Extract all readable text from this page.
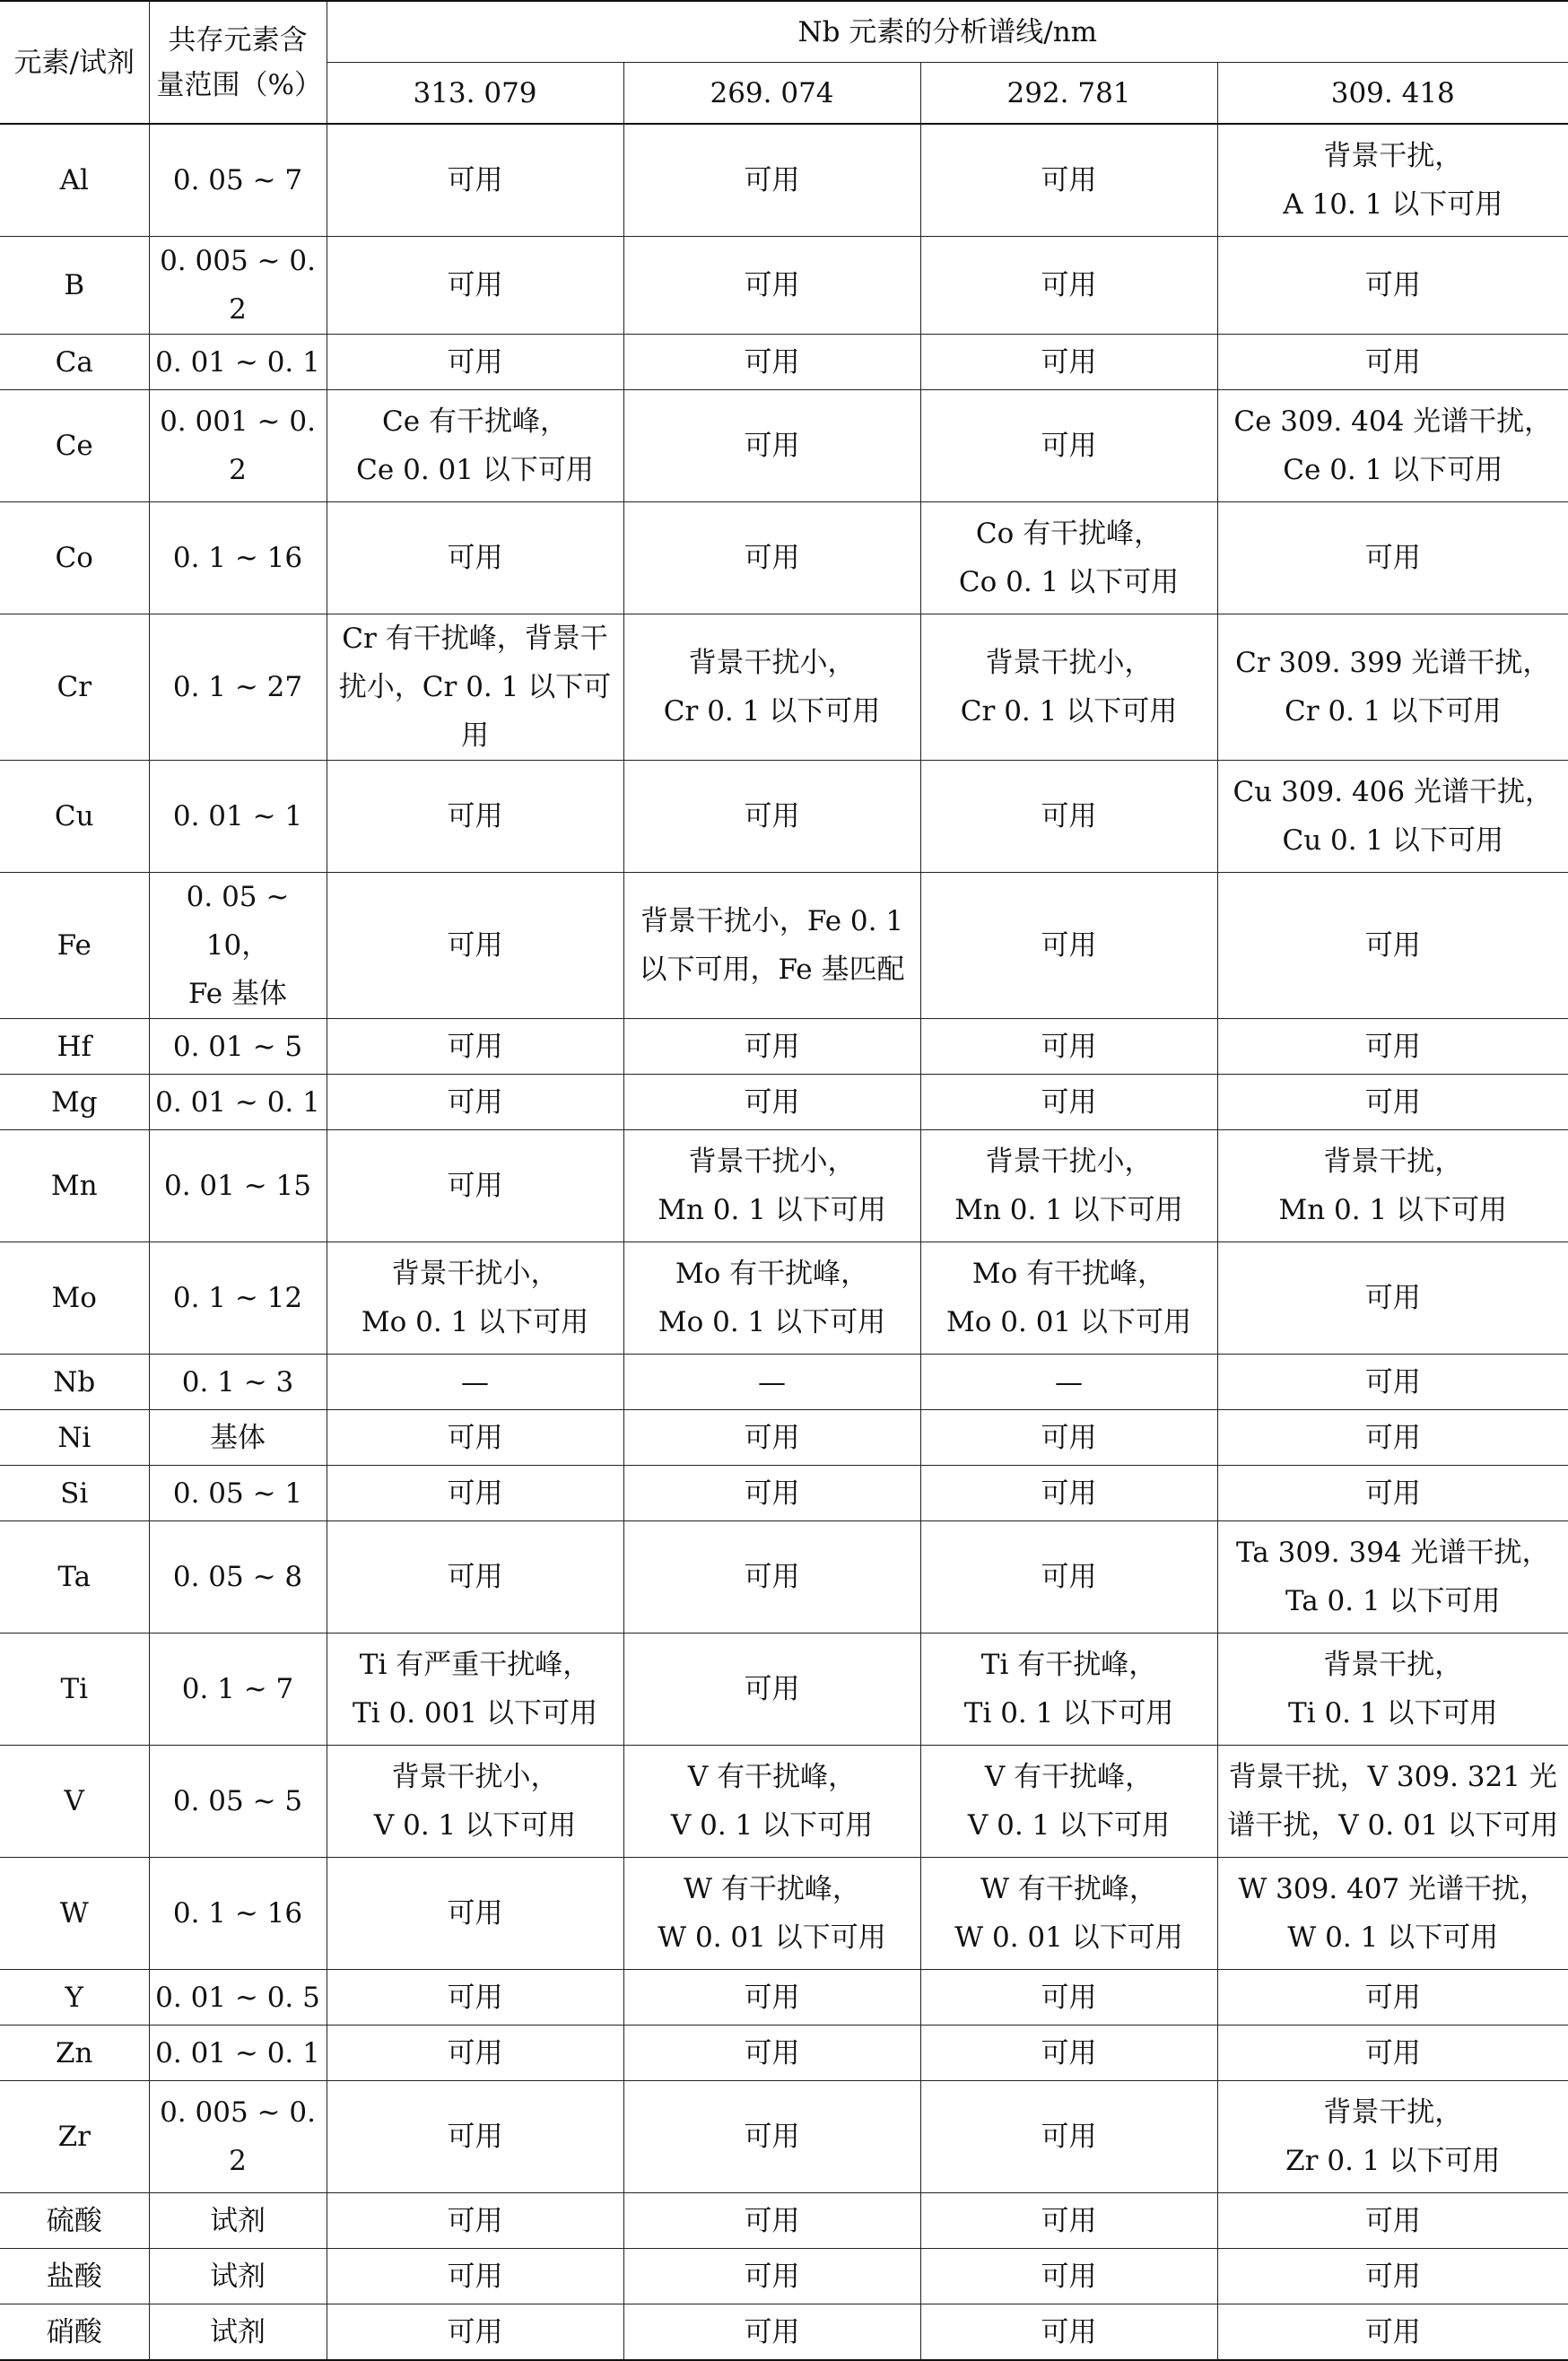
元素/试剂	共存元素含量范围（%）	Nb 元素的分析谱线/nm			
		313. 079	269. 074	292. 781	309. 418
Al	0. 05 ~ 7	可用	可用	可用	背景干扰，
A 10. 1 以下可用
B	0. 005 ~ 0. 2	可用	可用	可用	可用
Ca	0. 01 ~ 0. 1	可用	可用	可用	可用
Ce	0. 001 ~ 0. 2	Ce 有干扰峰，
Ce 0. 01 以下可用	可用	可用	Ce 309. 404 光谱干扰，
Ce 0. 1 以下可用
Co	0. 1 ~ 16	可用	可用	Co 有干扰峰，
Co 0. 1 以下可用	可用
Cr	0. 1 ~ 27	Cr 有干扰峰，背景干
扰小，Cr 0. 1 以下可用	背景干扰小，
Cr 0. 1 以下可用	背景干扰小，
Cr 0. 1 以下可用	Cr 309. 399 光谱干扰，
Cr 0. 1 以下可用
Cu	0. 01 ~ 1	可用	可用	可用	Cu 309. 406 光谱干扰，
Cu 0. 1 以下可用
Fe	0. 05 ~ 10，
Fe 基体	可用	背景干扰小，Fe 0. 1
以下可用，Fe 基匹配	可用	可用
Hf	0. 01 ~ 5	可用	可用	可用	可用
Mg	0. 01 ~ 0. 1	可用	可用	可用	可用
Mn	0. 01 ~ 15	可用	背景干扰小，
Mn 0. 1 以下可用	背景干扰小，
Mn 0. 1 以下可用	背景干扰，
Mn 0. 1 以下可用
Mo	0. 1 ~ 12	背景干扰小，
Mo 0. 1 以下可用	Mo 有干扰峰，
Mo 0. 1 以下可用	Mo 有干扰峰，
Mo 0. 01 以下可用	可用
Nb	0. 1 ~ 3	—	—	—	可用
Ni	基体	可用	可用	可用	可用
Si	0. 05 ~ 1	可用	可用	可用	可用
Ta	0. 05 ~ 8	可用	可用	可用	Ta 309. 394 光谱干扰，
Ta 0. 1 以下可用
Ti	0. 1 ~ 7	Ti 有严重干扰峰，
Ti 0. 001 以下可用	可用	Ti 有干扰峰，
Ti 0. 1 以下可用	背景干扰，
Ti 0. 1 以下可用
V	0. 05 ~ 5	背景干扰小，
V 0. 1 以下可用	V 有干扰峰，
V 0. 1 以下可用	V 有干扰峰，
V 0. 1 以下可用	背景干扰，V 309. 321 光
谱干扰，V 0. 01 以下可用
W	0. 1 ~ 16	可用	W 有干扰峰，
W 0. 01 以下可用	W 有干扰峰，
W 0. 01 以下可用	W 309. 407 光谱干扰，
W 0. 1 以下可用
Y	0. 01 ~ 0. 5	可用	可用	可用	可用
Zn	0. 01 ~ 0. 1	可用	可用	可用	可用
Zr	0. 005 ~ 0. 2	可用	可用	可用	背景干扰，
Zr 0. 1 以下可用
硫酸	试剂	可用	可用	可用	可用
盐酸	试剂	可用	可用	可用	可用
硝酸	试剂	可用	可用	可用	可用
